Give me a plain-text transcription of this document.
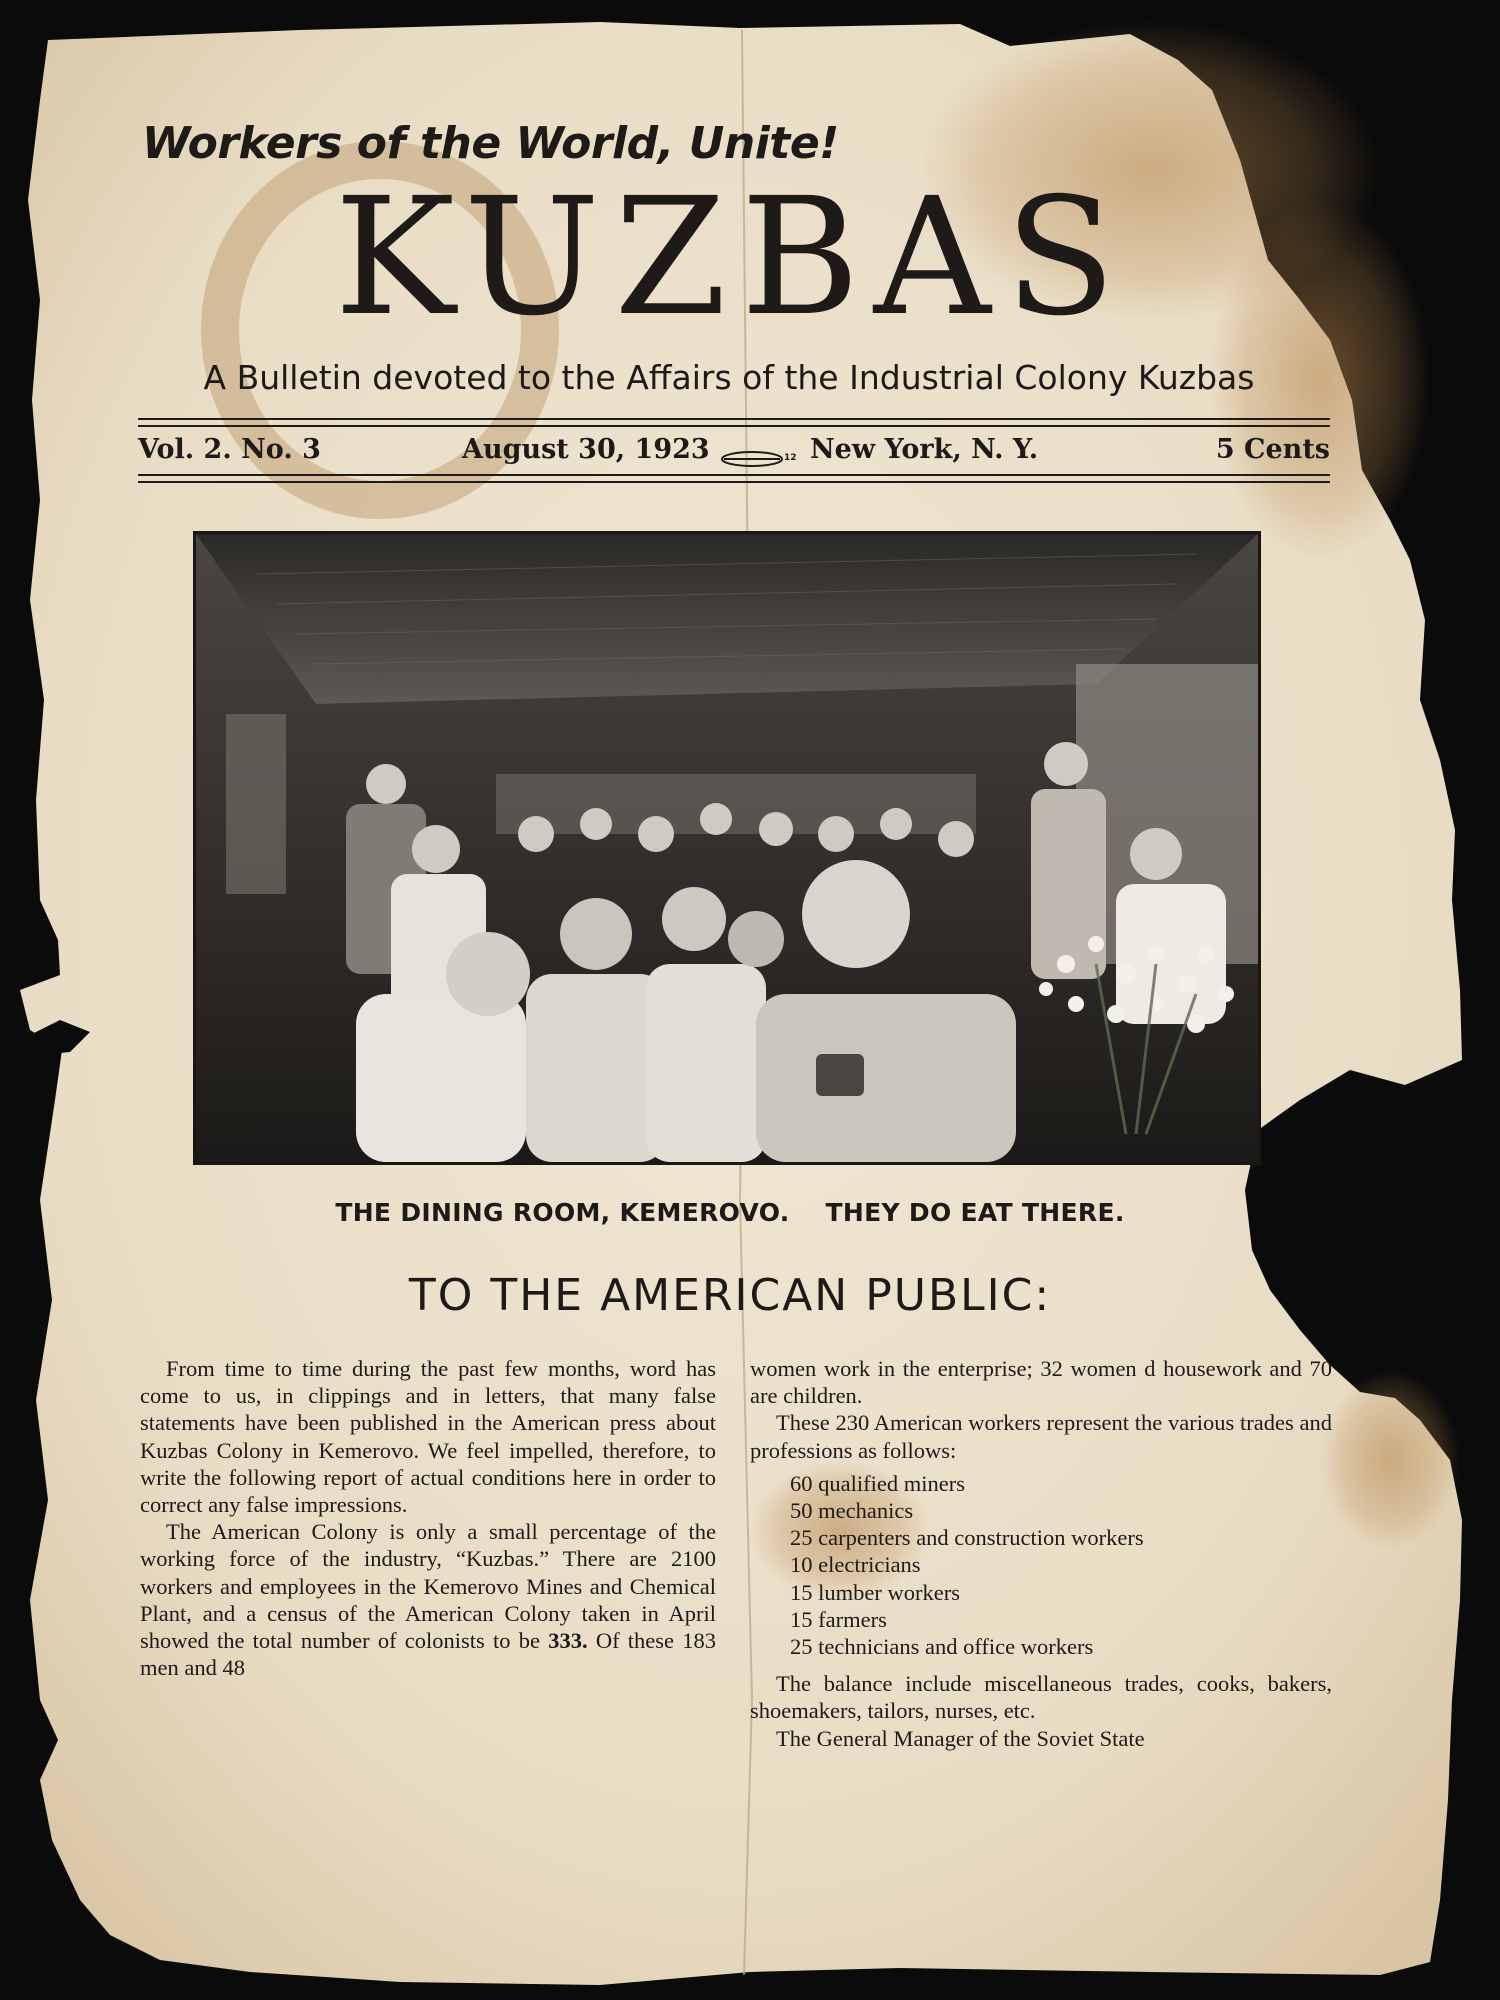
Workers of the World, Unite!
KUZBAS
A Bulletin devoted to the Affairs of the Industrial Colony Kuzbas
Vol. 2. No. 3	August 30, 1923	12 New York, N. Y.	5 Cents
THE DINING ROOM, KEMEROVO.    THEY DO EAT THERE.
TO THE AMERICAN PUBLIC:

From time to time during the past few months, word has come to us, in clippings and in letters, that many false statements have been published in the American press about Kuzbas Colony in Kemerovo. We feel impelled, therefore, to write the following report of actual conditions here in order to correct any false impressions.

The American Colony is only a small percentage of the working force of the industry, “Kuzbas.” There are 2100 workers and employees in the Kemerovo Mines and Chemical Plant, and a census of the American Colony taken in April showed the total number of colonists to be 333. Of these 183 men and 48

women work in the enterprise; 32 women d housework and 70 are children.

These 230 American workers represent the various trades and professions as follows:

60 qualified miners
50 mechanics
25 carpenters and construction workers
10 electricians
15 lumber workers
15 farmers
25 technicians and office workers

The balance include miscellaneous trades, cooks, bakers, shoemakers, tailors, nurses, etc.

The General Manager of the Soviet State
